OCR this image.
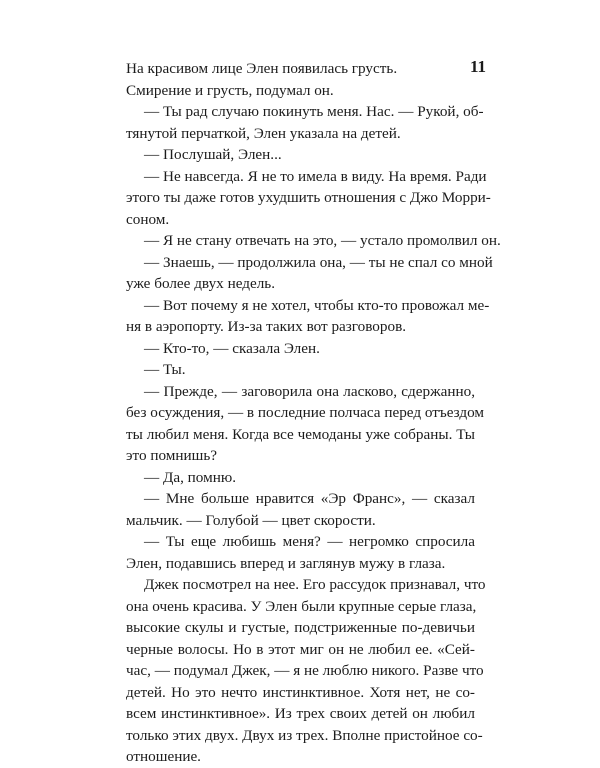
11
На красивом лице Элен появилась грусть.
Смирение и грусть, подумал он.
— Ты рад случаю покинуть меня. Нас. — Рукой, об-
тянутой перчаткой, Элен указала на детей.
— Послушай, Элен...
— Не навсегда. Я не то имела в виду. На время. Ради
этого ты даже готов ухудшить отношения с Джо Морри-
соном.
— Я не стану отвечать на это, — устало промолвил он.
— Знаешь, — продолжила она, — ты не спал со мной
уже более двух недель.
— Вот почему я не хотел, чтобы кто-то провожал ме-
ня в аэропорту. Из-за таких вот разговоров.
— Кто-то, — сказала Элен.
— Ты.
— Прежде, — заговорила она ласково, сдержанно,
без осуждения, — в последние полчаса перед отъездом
ты любил меня. Когда все чемоданы уже собраны. Ты
это помнишь?
— Да, помню.
— Мне больше нравится «Эр Франс», — сказал
мальчик. — Голубой — цвет скорости.
— Ты еще любишь меня? — негромко спросила
Элен, подавшись вперед и заглянув мужу в глаза.
Джек посмотрел на нее. Его рассудок признавал, что
она очень красива. У Элен были крупные серые глаза,
высокие скулы и густые, подстриженные по-девичьи
черные волосы. Но в этот миг он не любил ее. «Сей-
час, — подумал Джек, — я не люблю никого. Разве что
детей. Но это нечто инстинктивное. Хотя нет, не со-
всем инстинктивное». Из трех своих детей он любил
только этих двух. Двух из трех. Вполне пристойное со-
отношение.
